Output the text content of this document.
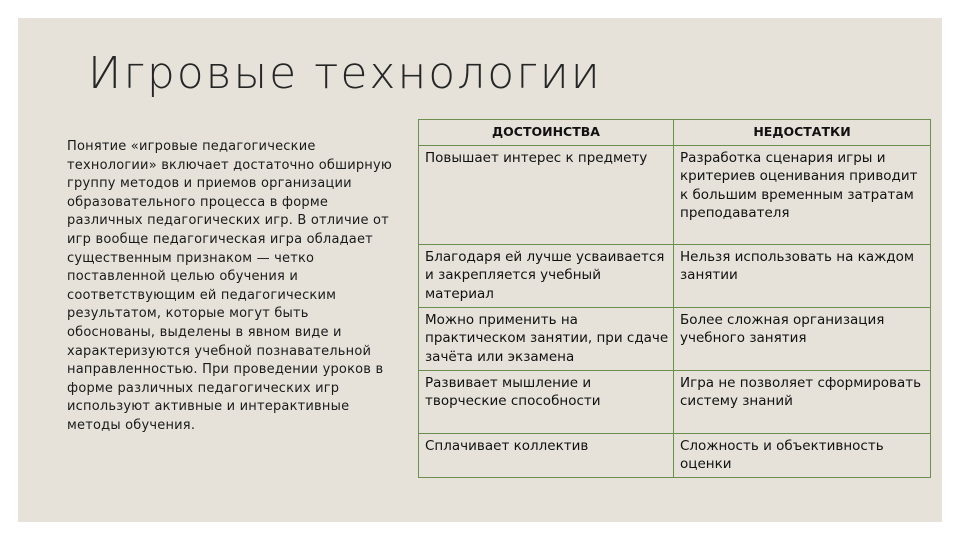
Игровые технологии

Понятие «игровые педагогические технологии» включает достаточно обширную группу методов и приемов организации образовательного процесса в форме различных педагогических игр. В отличие от игр вообще педагогическая игра обладает существенным признаком — четко поставленной целью обучения и соответствующим ей педагогическим результатом, которые могут быть обоснованы, выделены в явном виде и характеризуются учебной познавательной направленностью. При проведении уроков в форме различных педагогических игр используют активные и интерактивные методы обучения.

ДОСТОИНСТВА	НЕДОСТАТКИ
Повышает интерес к предмету	Разработка сценария игры и критериев оценивания приводит к большим временным затратам преподавателя
Благодаря ей лучше усваивается и закрепляется учебный материал	Нельзя использовать на каждом занятии
Можно применить на практическом занятии, при сдаче зачёта или экзамена	Более сложная организация учебного занятия
Развивает мышление и творческие способности	Игра не позволяет сформировать систему знаний
Сплачивает коллектив	Сложность и объективность оценки
